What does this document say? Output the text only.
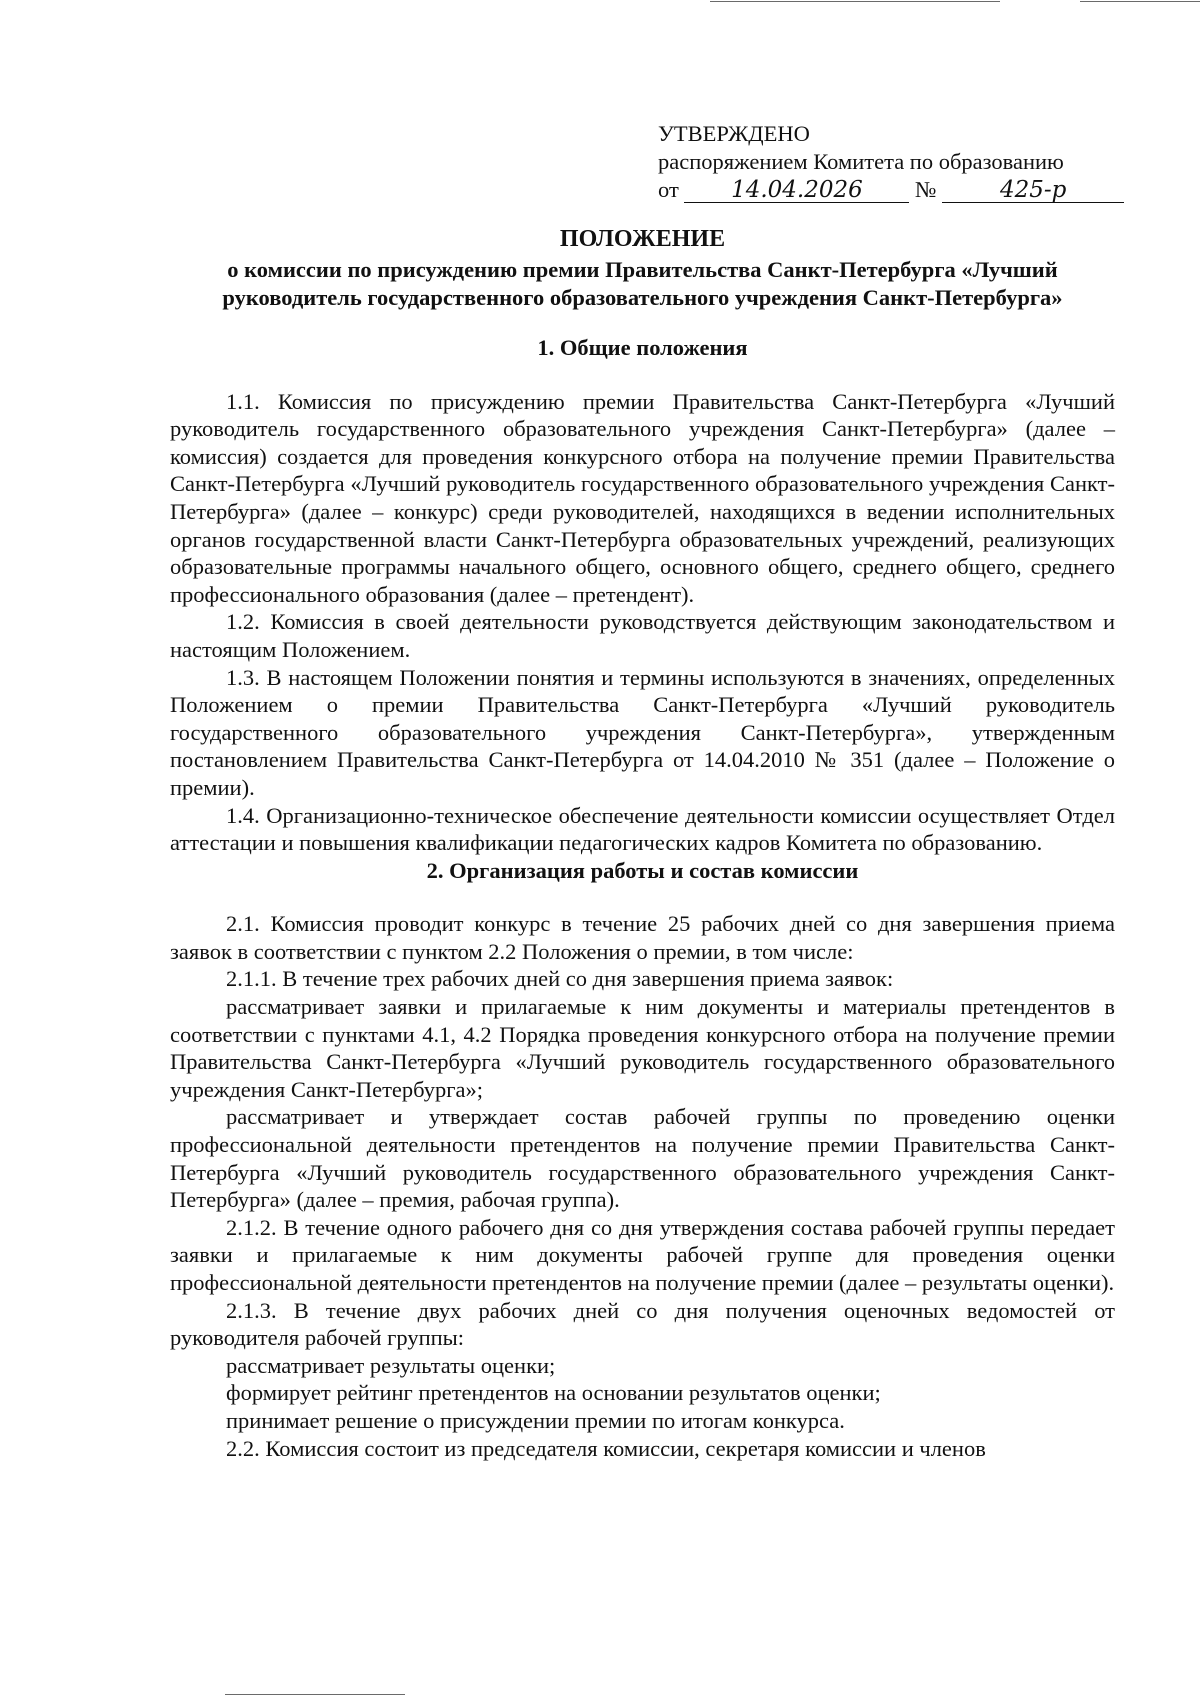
УТВЕРЖДЕНО
распоряжением Комитета по образованию
от 14.04.2026 №	425-р
ПОЛОЖЕНИЕ
о комиссии по присуждению премии Правительства Санкт-Петербурга «Лучший руководитель государственного образовательного учреждения Санкт-Петербурга»
1. Общие положения

1.1. Комиссия по присуждению премии Правительства Санкт-Петербурга «Лучший руководитель государственного образовательного учреждения Санкт-Петербурга» (далее – комиссия) создается для проведения конкурсного отбора на получение премии Правительства Санкт-Петербурга «Лучший руководитель государственного образовательного учреждения Санкт-Петербурга» (далее – конкурс) среди руководителей, находящихся в ведении исполнительных органов государственной власти Санкт-Петербурга образовательных учреждений, реализующих образовательные программы начального общего, основного общего, среднего общего, среднего профессионального образования (далее – претендент).

1.2. Комиссия в своей деятельности руководствуется действующим законодательством и настоящим Положением.

1.3. В настоящем Положении понятия и термины используются в значениях, определенных Положением о премии Правительства Санкт-Петербурга «Лучший руководитель государственного образовательного учреждения Санкт-Петербурга», утвержденным постановлением Правительства Санкт-Петербурга от 14.04.2010 № 351 (далее – Положение о премии).

1.4. Организационно-техническое обеспечение деятельности комиссии осуществляет Отдел аттестации и повышения квалификации педагогических кадров Комитета по образованию.

2. Организация работы и состав комиссии

2.1. Комиссия проводит конкурс в течение 25 рабочих дней со дня завершения приема заявок в соответствии с пунктом 2.2 Положения о премии, в том числе:

2.1.1. В течение трех рабочих дней со дня завершения приема заявок:

рассматривает заявки и прилагаемые к ним документы и материалы претендентов в соответствии с пунктами 4.1, 4.2 Порядка проведения конкурсного отбора на получение премии Правительства Санкт-Петербурга «Лучший руководитель государственного образовательного учреждения Санкт-Петербурга»;

рассматривает и утверждает состав рабочей группы по проведению оценки профессиональной деятельности претендентов на получение премии Правительства Санкт-Петербурга «Лучший руководитель государственного образовательного учреждения Санкт-Петербурга» (далее – премия, рабочая группа).

2.1.2. В течение одного рабочего дня со дня утверждения состава рабочей группы передает заявки и прилагаемые к ним документы рабочей группе для проведения оценки профессиональной деятельности претендентов на получение премии (далее – результаты оценки).

2.1.3. В течение двух рабочих дней со дня получения оценочных ведомостей от руководителя рабочей группы:

рассматривает результаты оценки;

формирует рейтинг претендентов на основании результатов оценки;

принимает решение о присуждении премии по итогам конкурса.

2.2. Комиссия состоит из председателя комиссии, секретаря комиссии и членов
